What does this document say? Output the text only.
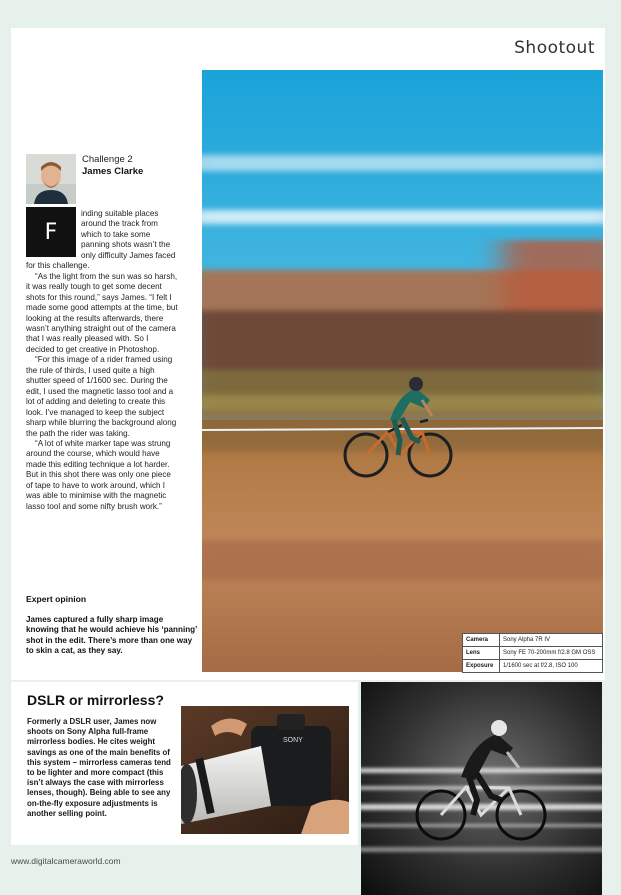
Shootout
Challenge 2
James Clarke
F

inding suitable places around the track from which to take some panning shots wasn’t the only difficulty James faced for this challenge.

“As the light from the sun was so harsh, it was really tough to get some decent shots for this round,” says James. “I felt I made some good attempts at the time, but looking at the results afterwards, there wasn’t anything straight out of the camera that I was really pleased with. So I decided to get creative in Photoshop.

“For this image of a rider framed using the rule of thirds, I used quite a high shutter speed of 1/1600 sec. During the edit, I used the magnetic lasso tool and a lot of adding and deleting to create this look. I’ve managed to keep the subject sharp while blurring the background along the path the rider was taking.

“A lot of white marker tape was strung around the course, which would have made this editing technique a lot harder. But in this shot there was only one piece of tape to have to work around, which I was able to minimise with the magnetic lasso tool and some nifty brush work.”

Expert opinion
James captured a fully sharp image knowing that he would achieve his ‘panning’ shot in the edit. There’s more than one way to skin a cat, as they say.
Camera	Sony Alpha 7R IV
Lens	Sony FE 70-200mm f/2.8 GM OSS
Exposure	1/1600 sec at f/2.8, ISO 100
DSLR or mirrorless?
Formerly a DSLR user, James now shoots on Sony Alpha full-frame mirrorless bodies. He cites weight savings as one of the main benefits of this system – mirrorless cameras tend to be lighter and more compact (this isn’t always the case with mirrorless lenses, though). Being able to see any on-the-fly exposure adjustments is another selling point.
SONY
www.digitalcameraworld.com
